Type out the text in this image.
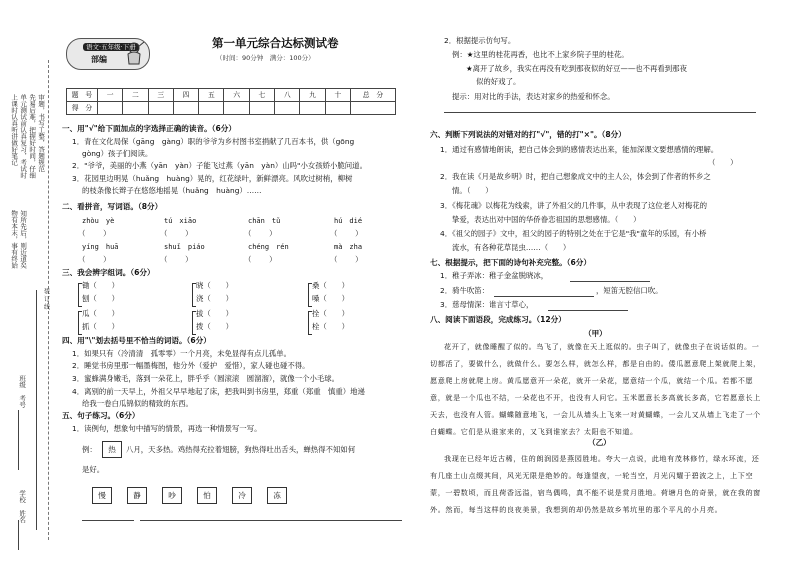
上课时认真听讲做好笔记 单元测试前认真复习，考试时 先易后难，把握好时间，仔细 审题，书写工整，答题规范
物有本末，事有终始 知所先后，则近道矣
班级
考号
学校
姓名
装 订 线
语文·五年级·下册
部编
第一单元综合达标测试卷
（时间：90分钟　满分：100分）
题　号	一	二	三	四	五	六	七	八	九	十	总　分
得　分											
一、用"√"给下面加点的字选择正确的读音。（6分）
1．青在文化局保（gāng　gàng）职的爷爷为乡村图书室捐献了几百本书，供（gōng
gòng）孩子们阅读。
2．"爷爷，美丽的小燕（yān　yàn）子能飞过燕（yān　yàn）山吗"小女孩娇小脆问道。
3．花园里边明晃（huǎng　huàng）晃的，红花绿叶，新鲜漂亮。风吹过树梢，柳树
的枝条像长辫子在悠悠地摇晃（huǎng　huàng）……
二、看拼音，写词语。（8分）
zhòu　yè	tú　xiāo	chān　tǔ	hú　dié
（　　）	（　　）	（　　）	（　　）
yíng　huā	shuǐ　piáo	chéng　rén	mà　zha
（　　）	（　　）	（　　）	（　　）
三、我会辨字组词。（6分）
锄（　　）	晓（　　）	桑（　　）
刨（　　）	浇（　　）	嗓（　　）
瓜（　　）	拔（　　）	拴（　　）
抓（　　）	拨（　　）	栓（　　）
四、用"\"划去括号里不恰当的词语。（6分）
1．如果只有（冷清清　孤零零）一个月亮，未免显得有点儿孤单。
2．睡觉书房里那一幅墨梅图，他分外（爱护　爱惜），家人碰也碰不得。
3．蜜蜂满身嫩毛，落到一朵花上，胖乎乎（圆滚滚　圆溜溜），就像一个小毛球。
4．离别的前一天早上，外祖父早早地起了床，把我叫到书房里，郑重（郑重　慎重）地递
给我一卷白瓜锦似的精致的东西。
五、句子练习。（6分）
1．读例句，想象句中描写的情景，再选一种情景写一写。
例：	热	八月，天多热。鸡热得充拉着翅膀，狗热得吐出舌头，蝉热得不知如何
是好。
慢	静	吵	怕	冷	冻
2．根据提示仿句写。
例：★这里的桂花再香，也比不上家乡院子里的桂花。
★离开了故乡，我实在再没有吃到那夜似的好豆——也不再看到那夜
似的好戏了。
提示：用对比的手法，表达对家乡的热爱和怀念。
六、判断下列说法的对错对的打"√"，错的打"×"。（8分）
1．通过有感情地朗读，把自己体会到的感情表达出来，能加深课文要想感情的理解。
（　　）
2．我在读《月是故乡明》时，把自己想象成文中的主人公，体会到了作者的怀乡之
情。（　　）
3．《梅花魂》以梅花为线索，讲了外祖父的几件事，从中表现了这位老人对梅花的
挚爱，表达出对中国的华侨眷恋祖国的思想感情。（　　）
4．《祖父的园子》文中，祖父的园子的特别之处在于它是"我"童年的乐园，有小桥
流水，有各种花草昆虫……（　　）
七、根据提示，把下面的诗句补充完整。（6分）
1．稚子弄冰：稚子金盆脱晓冰，
2．骑牛吹笛：	，短笛无腔信口吹。
3．慈母情深：谁言寸草心，
八、阅读下面语段，完成练习。（12分）
（甲）
花开了，就像睡醒了似的。鸟飞了，就像在天上逛似的。虫子叫了，就像虫子在说话似的。一切都活了，要做什么，就做什么。要怎么样，就怎么样，都是自由的。倭瓜愿意爬上架就爬上架，愿意爬上房就爬上房。黄瓜愿意开一朵花，就开一朵花，愿意结一个瓜，就结一个瓜。若都不愿意，就是一个瓜也不结，一朵花也不开，也没有人问它。玉米愿意长多高就长多高，它若愿意长上天去，也没有人管。蝴蝶随意地飞，一会儿从墙头上飞来一对黄蝴蝶，一会儿又从墙上飞走了一个白蝴蝶。它们是从谁家来的，又飞到谁家去？太阳也不知道。
（乙）
我现在已经年近古稀，住的朗润园是燕园胜地。夸大一点说，此地有茂林修竹，绿水环流，还有几座土山点缀其间，风光无限是绝妙的。每逢望夜，一轮当空，月光闪耀于碧波之上，上下空蒙，一碧数顷，而且荷香远溢，宿鸟偶鸣，真不能不说是赏月胜地。荷塘月色的奇景，就在我的窗外。然而，每当这样的良夜美景，我想到的却仍然是故乡苇坑里的那个平凡的小月亮。
